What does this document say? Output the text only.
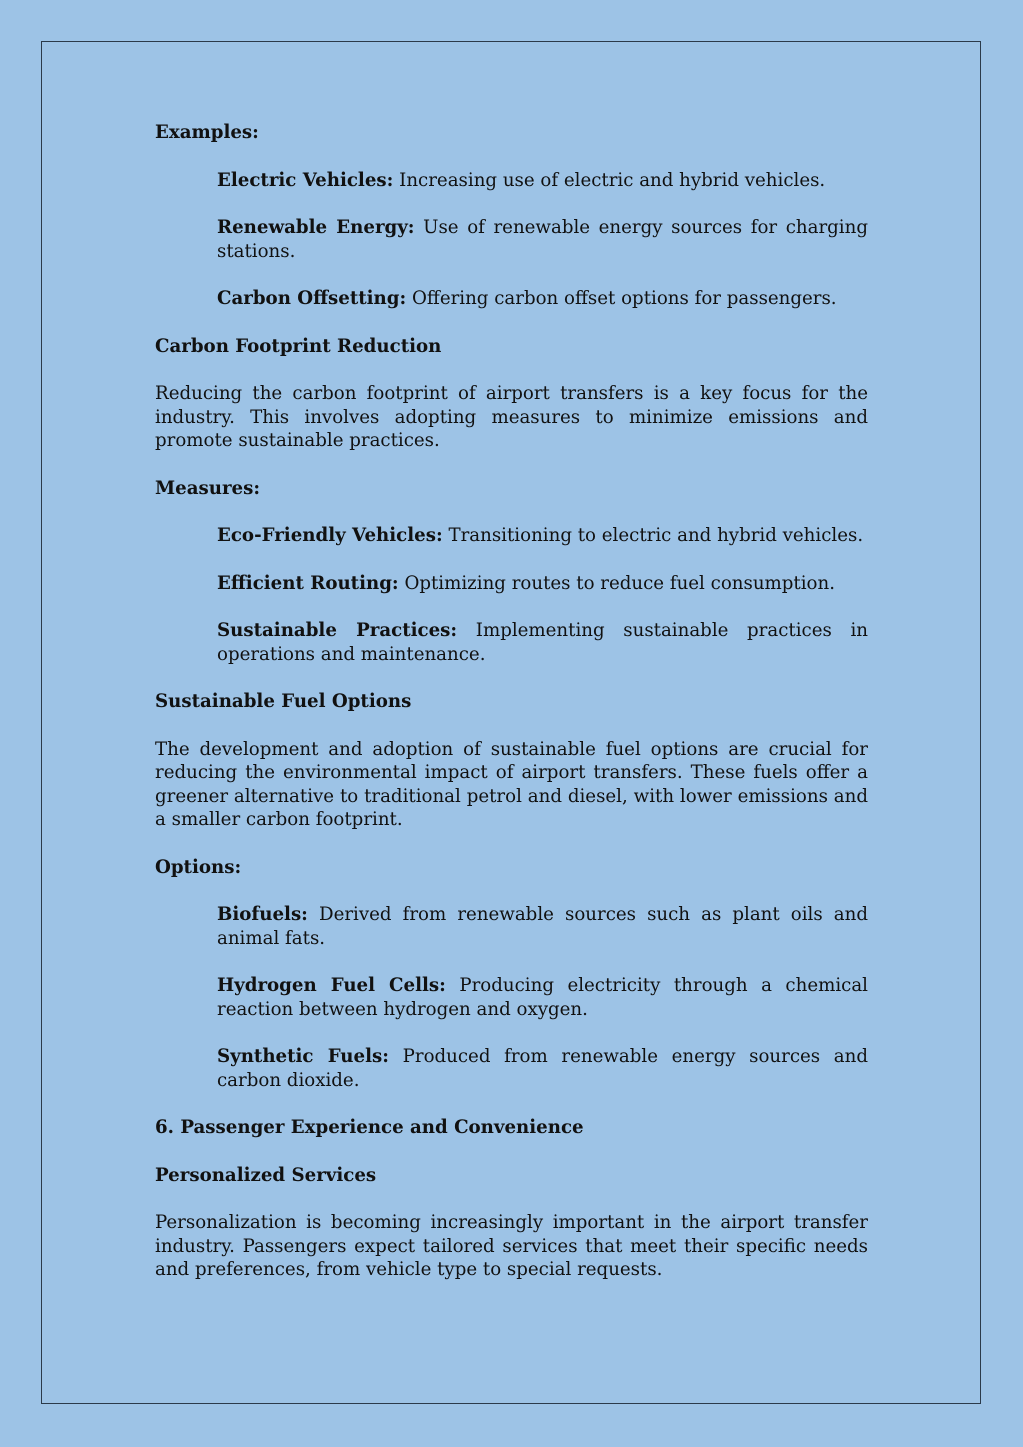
Examples:

Electric Vehicles: Increasing use of electric and hybrid vehicles.

Renewable Energy: Use of renewable energy sources for charging stations.

Carbon Offsetting: Offering carbon offset options for passengers.

Carbon Footprint Reduction

Reducing the carbon footprint of airport transfers is a key focus for the industry. This involves adopting measures to minimize emissions and promote sustainable practices.

Measures:

Eco-Friendly Vehicles: Transitioning to electric and hybrid vehicles.

Efficient Routing: Optimizing routes to reduce fuel consumption.

Sustainable Practices: Implementing sustainable practices in operations and maintenance.

Sustainable Fuel Options

The development and adoption of sustainable fuel options are crucial for reducing the environmental impact of airport transfers. These fuels offer a greener alternative to traditional petrol and diesel, with lower emissions and a smaller carbon footprint.

Options:

Biofuels: Derived from renewable sources such as plant oils and animal fats.

Hydrogen Fuel Cells: Producing electricity through a chemical reaction between hydrogen and oxygen.

Synthetic Fuels: Produced from renewable energy sources and carbon dioxide.

6. Passenger Experience and Convenience

Personalized Services

Personalization is becoming increasingly important in the airport transfer industry. Passengers expect tailored services that meet their specific needs and preferences, from vehicle type to special requests.
